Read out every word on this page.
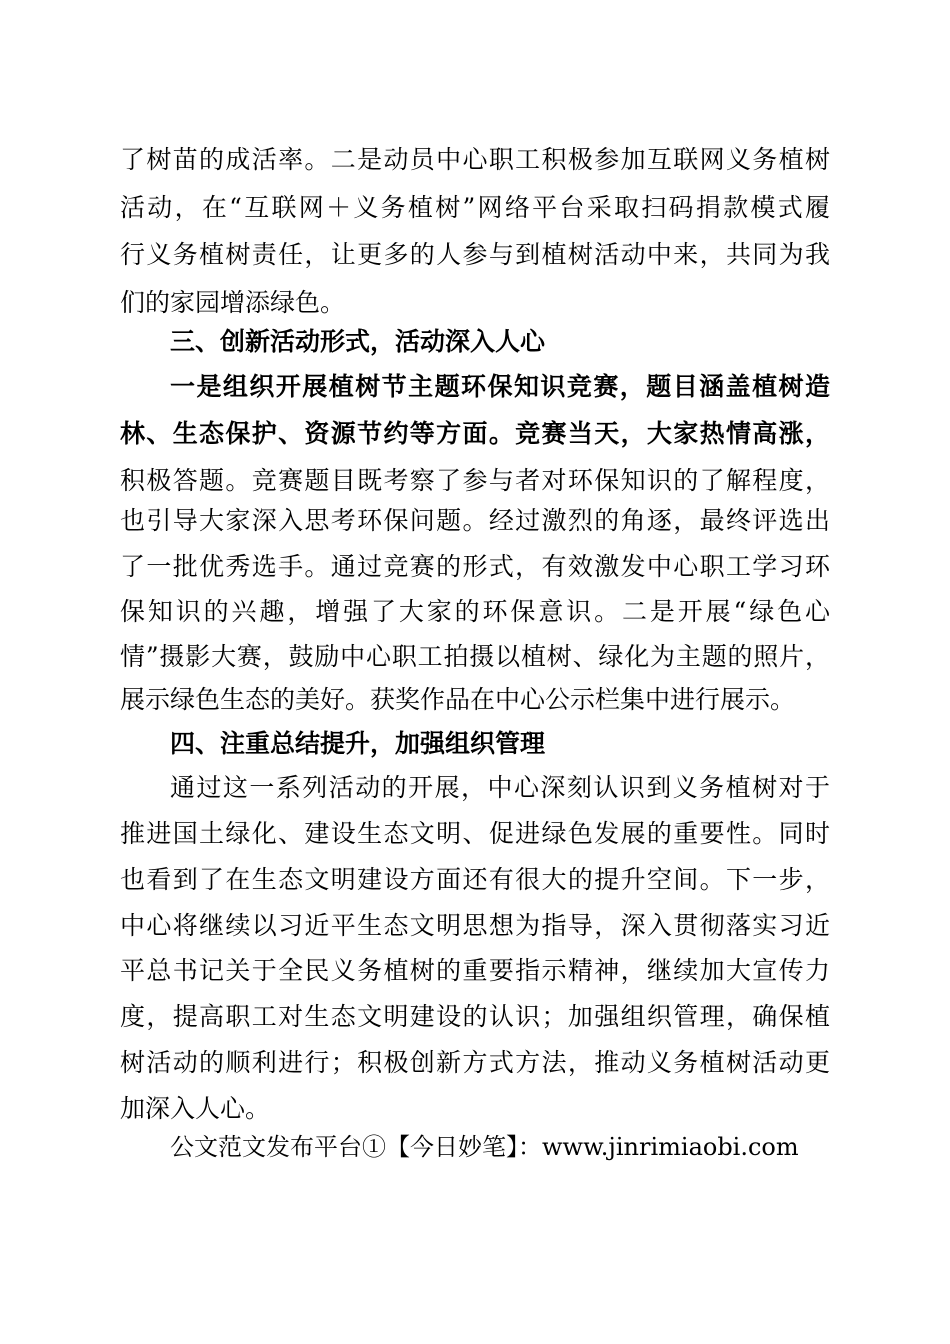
了树苗的成活率。二是动员中心职工积极参加互联网义务植树
活动，在“互联网＋义务植树”网络平台采取扫码捐款模式履
行义务植树责任，让更多的人参与到植树活动中来，共同为我
们的家园增添绿色。
三、创新活动形式，活动深入人心
一是组织开展植树节主题环保知识竞赛，题目涵盖植树造
林、生态保护、资源节约等方面。竞赛当天，大家热情高涨，
积极答题。竞赛题目既考察了参与者对环保知识的了解程度，
也引导大家深入思考环保问题。经过激烈的角逐，最终评选出
了一批优秀选手。通过竞赛的形式，有效激发中心职工学习环
保知识的兴趣，增强了大家的环保意识。二是开展“绿色心
情”摄影大赛，鼓励中心职工拍摄以植树、绿化为主题的照片，
展示绿色生态的美好。获奖作品在中心公示栏集中进行展示。
四、注重总结提升，加强组织管理
通过这一系列活动的开展，中心深刻认识到义务植树对于
推进国土绿化、建设生态文明、促进绿色发展的重要性。同时
也看到了在生态文明建设方面还有很大的提升空间。下一步，
中心将继续以习近平生态文明思想为指导，深入贯彻落实习近
平总书记关于全民义务植树的重要指示精神，继续加大宣传力
度，提高职工对生态文明建设的认识；加强组织管理，确保植
树活动的顺利进行；积极创新方式方法，推动义务植树活动更
加深入人心。
公文范文发布平台①【今日妙笔】：www.jinrimiaobi.com
